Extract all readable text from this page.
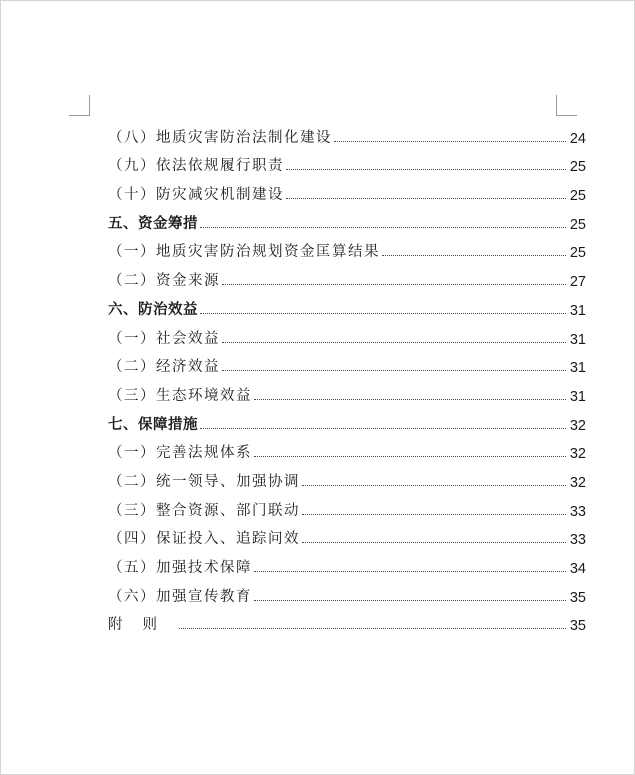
（八）地质灾害防治法制化建设	24
（九）依法依规履行职责	25
（十）防灾减灾机制建设	25
五、资金筹措	25
（一）地质灾害防治规划资金匡算结果	25
（二）资金来源	27
六、防治效益	31
（一）社会效益	31
（二）经济效益	31
（三）生态环境效益	31
七、保障措施	32
（一）完善法规体系	32
（二）统一领导、加强协调	32
（三）整合资源、部门联动	33
（四）保证投入、追踪问效	33
（五）加强技术保障	34
（六）加强宣传教育	35
附则	35
